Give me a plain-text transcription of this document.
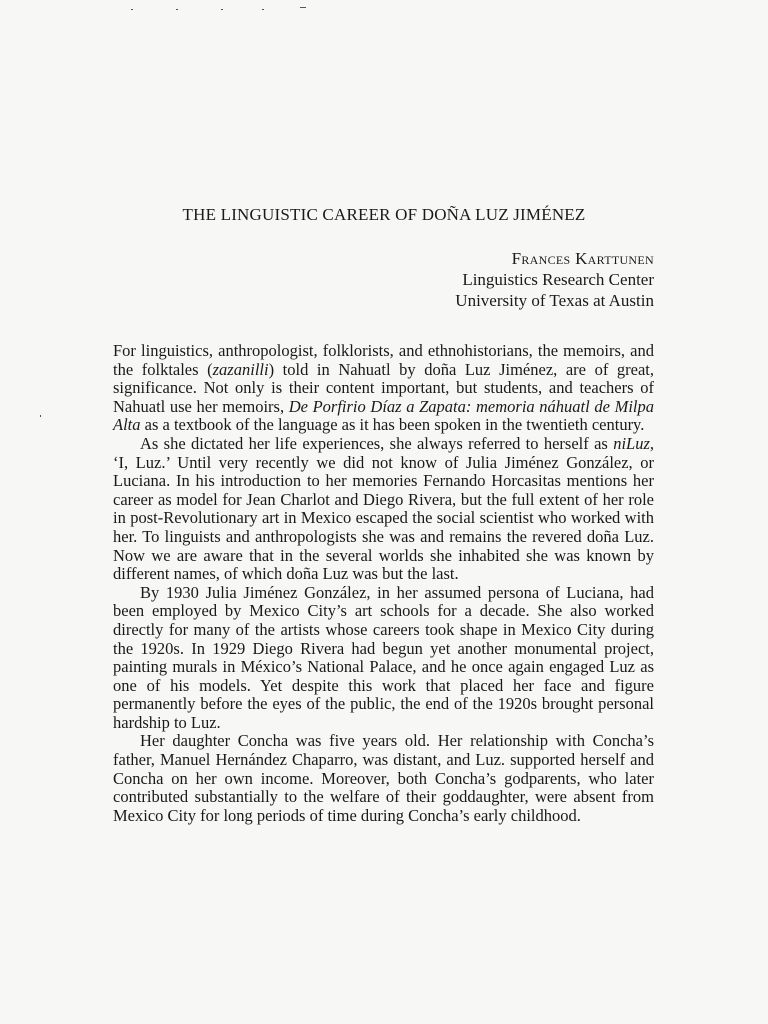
THE LINGUISTIC CAREER OF DOÑA LUZ JIMÉNEZ
Frances Karttunen
Linguistics Research Center
University of Texas at Austin

For linguistics, anthropologist, folklorists, and ethnohistorians, the memoirs, and the folktales (zazanilli) told in Nahuatl by doña Luz Jiménez, are of great, significance. Not only is their content important, but students, and teachers of Nahuatl use her memoirs, De Porfirio Díaz a Zapata: memoria náhuatl de Milpa Alta as a textbook of the language as it has been spoken in the twentieth century.

As she dictated her life experiences, she always referred to herself as niLuz, ‘I, Luz.’ Until very recently we did not know of Julia Jiménez González, or Luciana. In his introduction to her memories Fernando Horcasitas mentions her career as model for Jean Charlot and Diego Rivera, but the full extent of her role in post-Revolutionary art in Mexico escaped the social scientist who worked with her. To linguists and anthropologists she was and remains the revered doña Luz. Now we are aware that in the several worlds she inhabited she was known by different names, of which doña Luz was but the last.

By 1930 Julia Jiménez González, in her assumed persona of Luciana, had been employed by Mexico City’s art schools for a decade. She also worked directly for many of the artists whose careers took shape in Mexico City during the 1920s. In 1929 Diego Rivera had begun yet another monumental project, painting murals in México’s National Palace, and he once again engaged Luz as one of his models. Yet despite this work that placed her face and figure permanently before the eyes of the public, the end of the 1920s brought personal hardship to Luz.

Her daughter Concha was five years old. Her relationship with Concha’s father, Manuel Hernández Chaparro, was distant, and Luz. supported herself and Concha on her own income. Moreover, both Concha’s godparents, who later contributed substantially to the welfare of their goddaughter, were absent from Mexico City for long periods of time during Concha’s early childhood.
